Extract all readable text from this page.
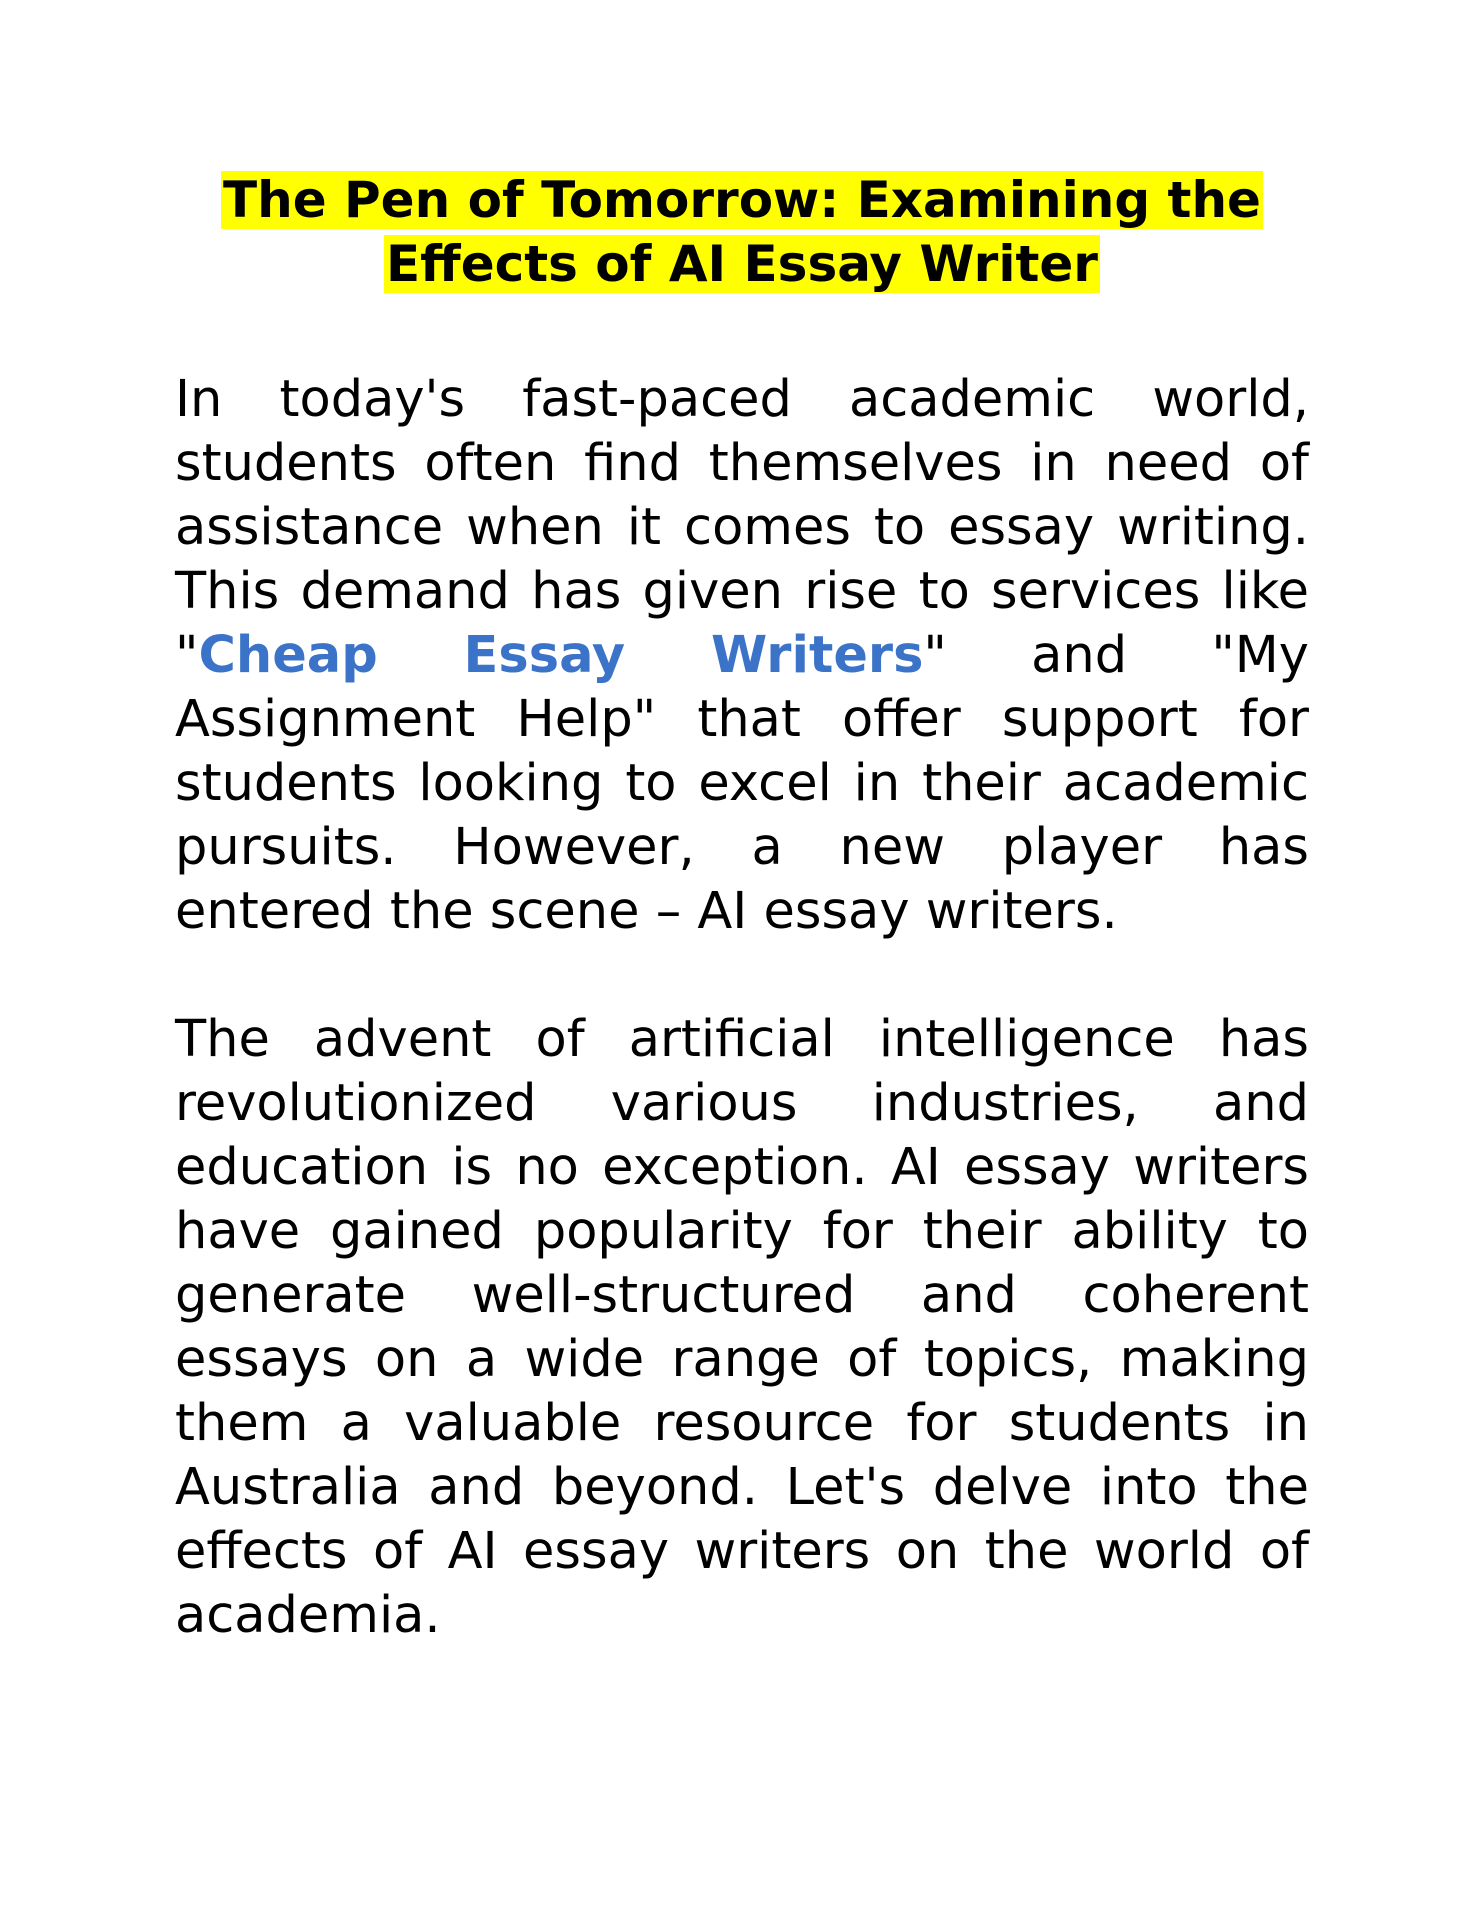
The Pen of Tomorrow: Examining the
Effects of AI Essay Writer

In today's fast-paced academic world, students often find themselves in need of assistance when it comes to essay writing. This demand has given rise to services like "Cheap Essay Writers" and "My Assignment Help" that offer support for students looking to excel in their academic pursuits. However, a new player has entered the scene – AI essay writers.

The advent of artificial intelligence has revolutionized various industries, and education is no exception. AI essay writers have gained popularity for their ability to generate well-structured and coherent essays on a wide range of topics, making them a valuable resource for students in Australia and beyond. Let's delve into the effects of AI essay writers on the world of academia.
